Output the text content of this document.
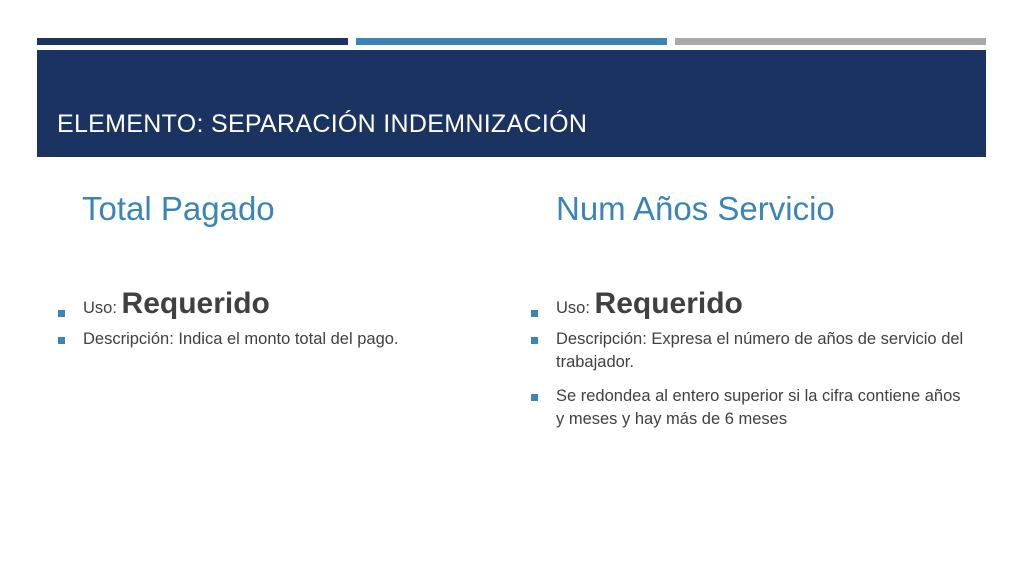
ELEMENTO: SEPARACIÓN INDEMNIZACIÓN
Total Pagado	Num Años Servicio
Uso: Requerido
Descripción: Indica el monto total del pago.
Uso: Requerido
Descripción: Expresa el número de años de servicio del trabajador.
Se redondea al entero superior si la cifra contiene años y meses y hay más de 6 meses
